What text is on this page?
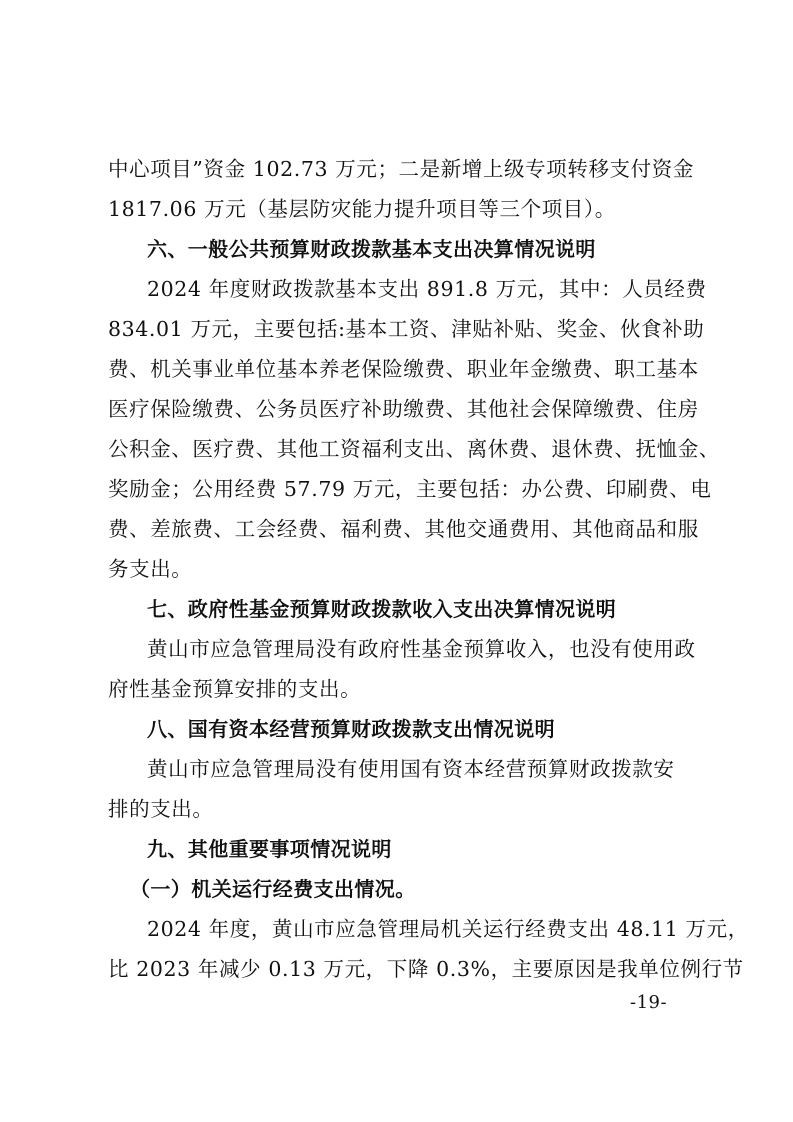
中心项目”资金 102.73 万元；二是新增上级专项转移支付资金
1817.06 万元（基层防灾能力提升项目等三个项目）。
六、一般公共预算财政拨款基本支出决算情况说明
2024 年度财政拨款基本支出 891.8 万元，其中：人员经费
834.01 万元，主要包括:基本工资、津贴补贴、奖金、伙食补助
费、机关事业单位基本养老保险缴费、职业年金缴费、职工基本
医疗保险缴费、公务员医疗补助缴费、其他社会保障缴费、住房
公积金、医疗费、其他工资福利支出、离休费、退休费、抚恤金、
奖励金；公用经费 57.79 万元，主要包括：办公费、印刷费、电
费、差旅费、工会经费、福利费、其他交通费用、其他商品和服
务支出。
七、政府性基金预算财政拨款收入支出决算情况说明
黄山市应急管理局没有政府性基金预算收入，也没有使用政
府性基金预算安排的支出。
八、国有资本经营预算财政拨款支出情况说明
黄山市应急管理局没有使用国有资本经营预算财政拨款安
排的支出。
九、其他重要事项情况说明
（一）机关运行经费支出情况。
2024 年度，黄山市应急管理局机关运行经费支出 48.11 万元，
比 2023 年减少 0.13 万元，下降 0.3%，主要原因是我单位例行节
-19-
